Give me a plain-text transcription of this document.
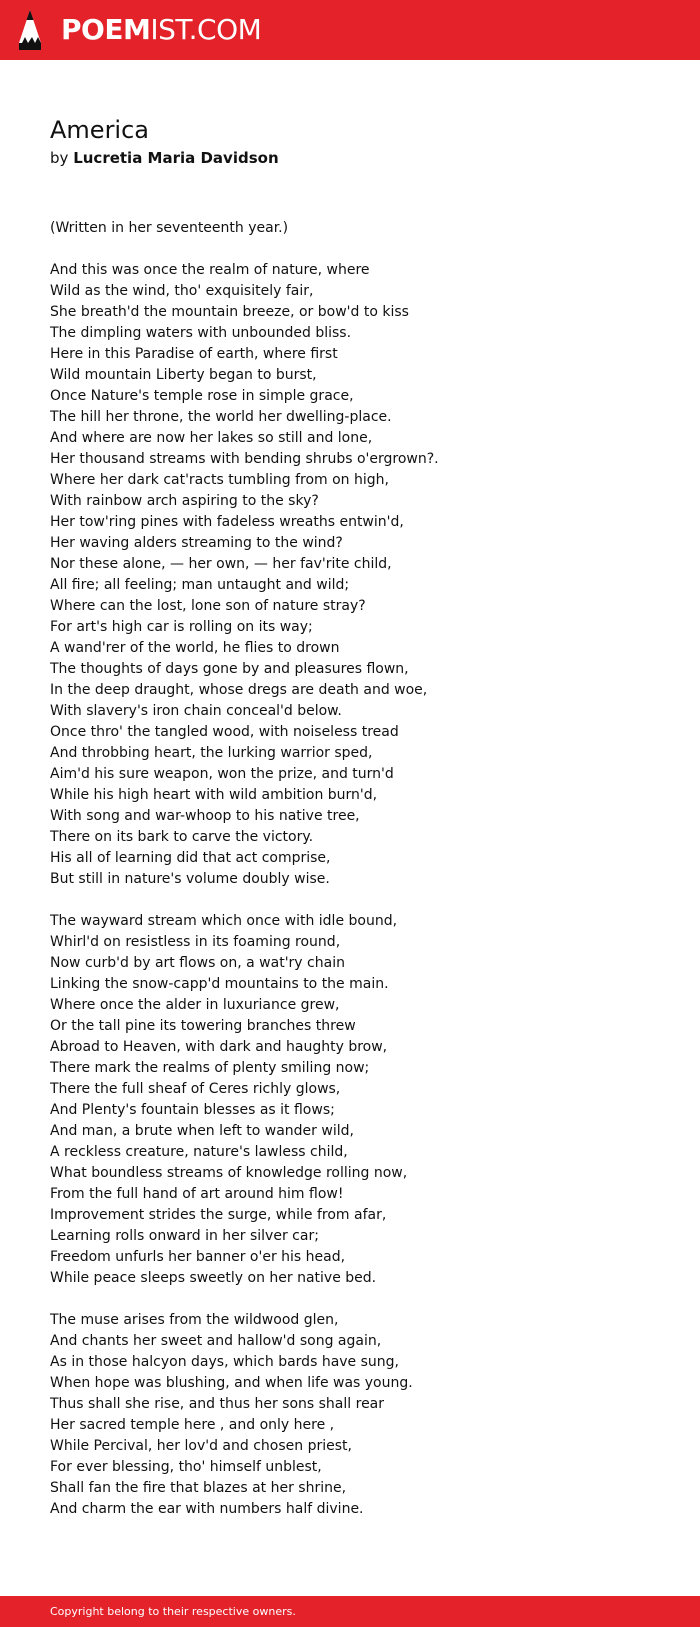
POEMIST.COM
America
by Lucretia Maria Davidson
(Written in her seventeenth year.)
And this was once the realm of nature, where
Wild as the wind, tho' exquisitely fair,
She breath'd the mountain breeze, or bow'd to kiss
The dimpling waters with unbounded bliss.
Here in this Paradise of earth, where first
Wild mountain Liberty began to burst,
Once Nature's temple rose in simple grace,
The hill her throne, the world her dwelling-place.
And where are now her lakes so still and lone,
Her thousand streams with bending shrubs o'ergrown?.
Where her dark cat'racts tumbling from on high,
With rainbow arch aspiring to the sky?
Her tow'ring pines with fadeless wreaths entwin'd,
Her waving alders streaming to the wind?
Nor these alone, — her own, — her fav'rite child,
All fire; all feeling; man untaught and wild;
Where can the lost, lone son of nature stray?
For art's high car is rolling on its way;
A wand'rer of the world, he flies to drown
The thoughts of days gone by and pleasures flown,
In the deep draught, whose dregs are death and woe,
With slavery's iron chain conceal'd below.
Once thro' the tangled wood, with noiseless tread
And throbbing heart, the lurking warrior sped,
Aim'd his sure weapon, won the prize, and turn'd
While his high heart with wild ambition burn'd,
With song and war-whoop to his native tree,
There on its bark to carve the victory.
His all of learning did that act comprise,
But still in nature's volume doubly wise.
The wayward stream which once with idle bound,
Whirl'd on resistless in its foaming round,
Now curb'd by art flows on, a wat'ry chain
Linking the snow-capp'd mountains to the main.
Where once the alder in luxuriance grew,
Or the tall pine its towering branches threw
Abroad to Heaven, with dark and haughty brow,
There mark the realms of plenty smiling now;
There the full sheaf of Ceres richly glows,
And Plenty's fountain blesses as it flows;
And man, a brute when left to wander wild,
A reckless creature, nature's lawless child,
What boundless streams of knowledge rolling now,
From the full hand of art around him flow!
Improvement strides the surge, while from afar,
Learning rolls onward in her silver car;
Freedom unfurls her banner o'er his head,
While peace sleeps sweetly on her native bed.
The muse arises from the wildwood glen,
And chants her sweet and hallow'd song again,
As in those halcyon days, which bards have sung,
When hope was blushing, and when life was young.
Thus shall she rise, and thus her sons shall rear
Her sacred temple here , and only here ,
While Percival, her lov'd and chosen priest,
For ever blessing, tho' himself unblest,
Shall fan the fire that blazes at her shrine,
And charm the ear with numbers half divine.
Copyright belong to their respective owners.
